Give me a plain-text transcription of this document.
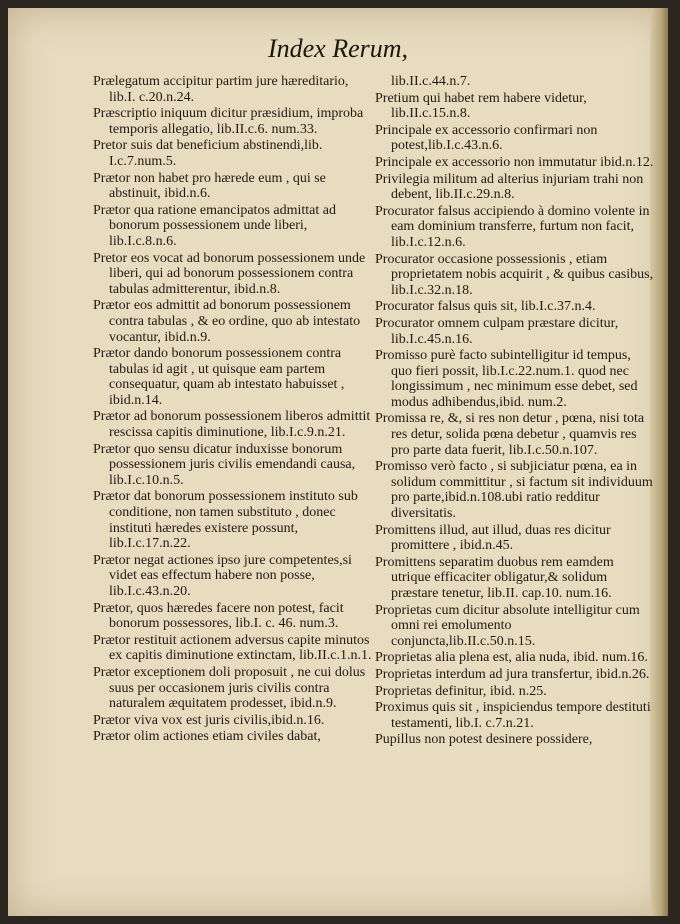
Index Rerum,
Prælegatum accipitur partim jure hæreditario, lib.I. c.20.n.24.
Præscriptio iniquum dicitur præsidium, improba temporis allegatio, lib.II.c.6. num.33.
Pretor suis dat beneficium abstinendi,lib. I.c.7.num.5.
Prætor non habet pro hærede eum , qui se abstinuit, ibid.n.6.
Prætor qua ratione emancipatos admittat ad bonorum possessionem unde liberi, lib.I.c.8.n.6.
Pretor eos vocat ad bonorum possessionem unde liberi, qui ad bonorum possessionem contra tabulas admitterentur, ibid.n.8.
Prætor eos admittit ad bonorum possessionem contra tabulas , & eo ordine, quo ab intestato vocantur, ibid.n.9.
Prætor dando bonorum possessionem contra tabulas id agit , ut quisque eam partem consequatur, quam ab intestato habuisset , ibid.n.14.
Prætor ad bonorum possessionem liberos admittit rescissa capitis diminutione, lib.I.c.9.n.21.
Prætor quo sensu dicatur induxisse bonorum possessionem juris civilis emendandi causa, lib.I.c.10.n.5.
Prætor dat bonorum possessionem instituto sub conditione, non tamen substituto , donec instituti hæredes existere possunt, lib.I.c.17.n.22.
Prætor negat actiones ipso jure competentes,si videt eas effectum habere non posse, lib.I.c.43.n.20.
Prætor, quos hæredes facere non potest, facit bonorum possessores, lib.I. c. 46. num.3.
Prætor restituit actionem adversus capite minutos ex capitis diminutione extinctam, lib.II.c.1.n.1.
Prætor exceptionem doli proposuit , ne cui dolus suus per occasionem juris civilis contra naturalem æquitatem prodesset, ibid.n.9.
Prætor viva vox est juris civilis,ibid.n.16.
Prætor olim actiones etiam civiles dabat,
lib.II.c.44.n.7.
Pretium qui habet rem habere videtur, lib.II.c.15.n.8.
Principale ex accessorio confirmari non potest,lib.I.c.43.n.6.
Principale ex accessorio non immutatur ibid.n.12.
Privilegia militum ad alterius injuriam trahi non debent, lib.II.c.29.n.8.
Procurator falsus accipiendo à domino volente in eam dominium transferre, furtum non facit, lib.I.c.12.n.6.
Procurator occasione possessionis , etiam proprietatem nobis acquirit , & quibus casibus, lib.I.c.32.n.18.
Procurator falsus quis sit, lib.I.c.37.n.4.
Procurator omnem culpam præstare dicitur, lib.I.c.45.n.16.
Promisso purè facto subintelligitur id tempus, quo fieri possit, lib.I.c.22.num.1. quod nec longissimum , nec minimum esse debet, sed modus adhibendus,ibid. num.2.
Promissa re, &, si res non detur , pœna, nisi tota res detur, solida pœna debetur , quamvis res pro parte data fuerit, lib.I.c.50.n.107.
Promisso verò facto , si subjiciatur pœna, ea in solidum committitur , si factum sit individuum pro parte,ibid.n.108.ubi ratio redditur diversitatis.
Promittens illud, aut illud, duas res dicitur promittere , ibid.n.45.
Promittens separatim duobus rem eamdem utrique efficaciter obligatur,& solidum præstare tenetur, lib.II. cap.10. num.16.
Proprietas cum dicitur absolute intelligitur cum omni rei emolumento conjuncta,lib.II.c.50.n.15.
Proprietas alia plena est, alia nuda, ibid. num.16.
Proprietas interdum ad jura transfertur, ibid.n.26.
Proprietas definitur, ibid. n.25.
Proximus quis sit , inspiciendus tempore destituti testamenti, lib.I. c.7.n.21.
Pupillus non potest desinere possidere,
